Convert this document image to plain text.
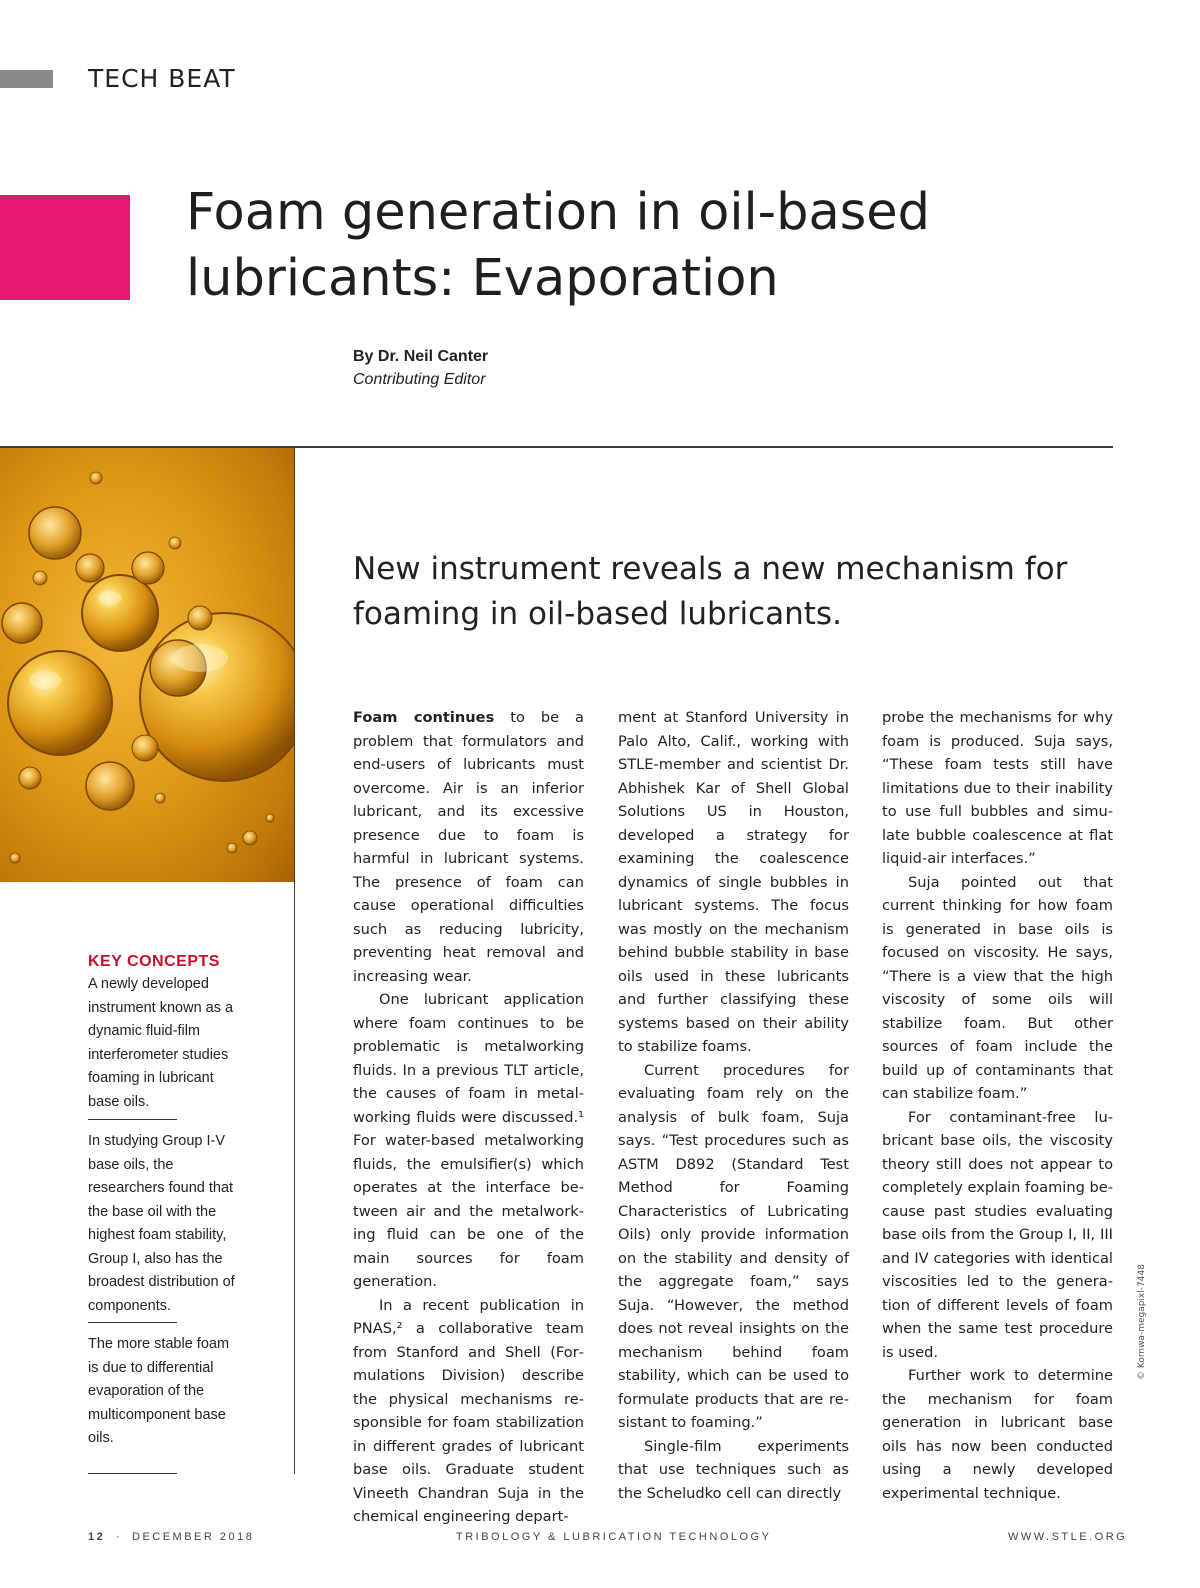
TECH BEAT
Foam generation in oil-based
lubricants: Evaporation
By Dr. Neil Canter
Contributing Editor
New instrument reveals a new mechanism for
foaming in oil-based lubricants.
KEY CONCEPTS
A newly developed instrument known as a dynamic fluid-film interferometer studies foaming in lubricant base oils.
In studying Group I-V base oils, the researchers found that the base oil with the highest foam stability, Group I, also has the broadest distribution of components.
The more stable foam is due to differential evaporation of the multicomponent base oils.

Foam continues to be a problem that formulators and end-users of lubricants must overcome. Air is an inferior lubricant, and its excessive presence due to foam is harmful in lubricant systems. The presence of foam can cause operational difficulties such as reducing lubricity, preventing heat removal and increasing wear.

One lubricant application where foam continues to be problematic is metalworking fluids. In a previous TLT article, the causes of foam in metalworking fluids were discussed.¹ For water-based metalworking fluids, the emulsifier(s) which operates at the interface between air and the metalworking fluid can be one of the main sources for foam generation.

In a recent publication in PNAS,² a collaborative team from Stanford and Shell (Formulations Division) describe the physical mechanisms responsible for foam stabilization in different grades of lubricant base oils. Graduate student Vineeth Chandran Suja in the chemical engineering depart-

ment at Stanford University in Palo Alto, Calif., working with STLE-member and scientist Dr. Abhishek Kar of Shell Global Solutions US in Houston, developed a strategy for examining the coalescence dynamics of single bubbles in lubricant systems. The focus was mostly on the mechanism behind bubble stability in base oils used in these lubricants and further classifying these systems based on their ability to stabilize foams.

Current procedures for evaluating foam rely on the analysis of bulk foam, Suja says. “Test procedures such as ASTM D892 (Standard Test Method for Foaming Characteristics of Lubricating Oils) only provide information on the stability and density of the aggregate foam,” says Suja. “However, the method does not reveal insights on the mechanism behind foam stability, which can be used to formulate products that are resistant to foaming.”

Single-film experiments that use techniques such as the Scheludko cell can directly

probe the mechanisms for why foam is produced. Suja says, “These foam tests still have limitations due to their inability to use full bubbles and simulate bubble coalescence at flat liquid-air interfaces.”

Suja pointed out that current thinking for how foam is generated in base oils is focused on viscosity. He says, “There is a view that the high viscosity of some oils will stabilize foam. But other sources of foam include the build up of contaminants that can stabilize foam.”

For contaminant-free lubricant base oils, the viscosity theory still does not appear to completely explain foaming because past studies evaluating base oils from the Group I, II, III and IV categories with identical viscosities led to the generation of different levels of foam when the same test procedure is used.

Further work to determine the mechanism for foam generation in lubricant base oils has now been conducted using a newly developed experimental technique.

© Kornwa-megapixl-7448
12 · DECEMBER 2018	TRIBOLOGY & LUBRICATION TECHNOLOGY	WWW.STLE.ORG
